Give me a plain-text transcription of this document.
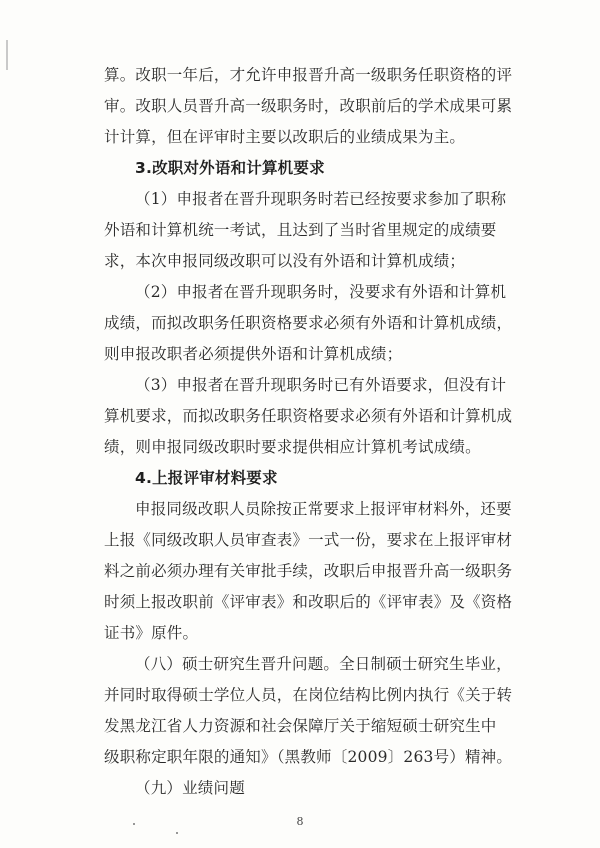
算。改职一年后，才允许申报晋升高一级职务任职资格的评
审。改职人员晋升高一级职务时，改职前后的学术成果可累
计计算，但在评审时主要以改职后的业绩成果为主。
3.改职对外语和计算机要求
（1）申报者在晋升现职务时若已经按要求参加了职称
外语和计算机统一考试，且达到了当时省里规定的成绩要
求，本次申报同级改职可以没有外语和计算机成绩；
（2）申报者在晋升现职务时，没要求有外语和计算机
成绩，而拟改职务任职资格要求必须有外语和计算机成绩，
则申报改职者必须提供外语和计算机成绩；
（3）申报者在晋升现职务时已有外语要求，但没有计
算机要求，而拟改职务任职资格要求必须有外语和计算机成
绩，则申报同级改职时要求提供相应计算机考试成绩。
4.上报评审材料要求
申报同级改职人员除按正常要求上报评审材料外，还要
上报《同级改职人员审查表》一式一份，要求在上报评审材
料之前必须办理有关审批手续，改职后申报晋升高一级职务
时须上报改职前《评审表》和改职后的《评审表》及《资格
证书》原件。
（八）硕士研究生晋升问题。全日制硕士研究生毕业，
并同时取得硕士学位人员，在岗位结构比例内执行《关于转
发黑龙江省人力资源和社会保障厅关于缩短硕士研究生中
级职称定职年限的通知》（黑教师〔2009〕263号）精神。
（九）业绩问题
8
